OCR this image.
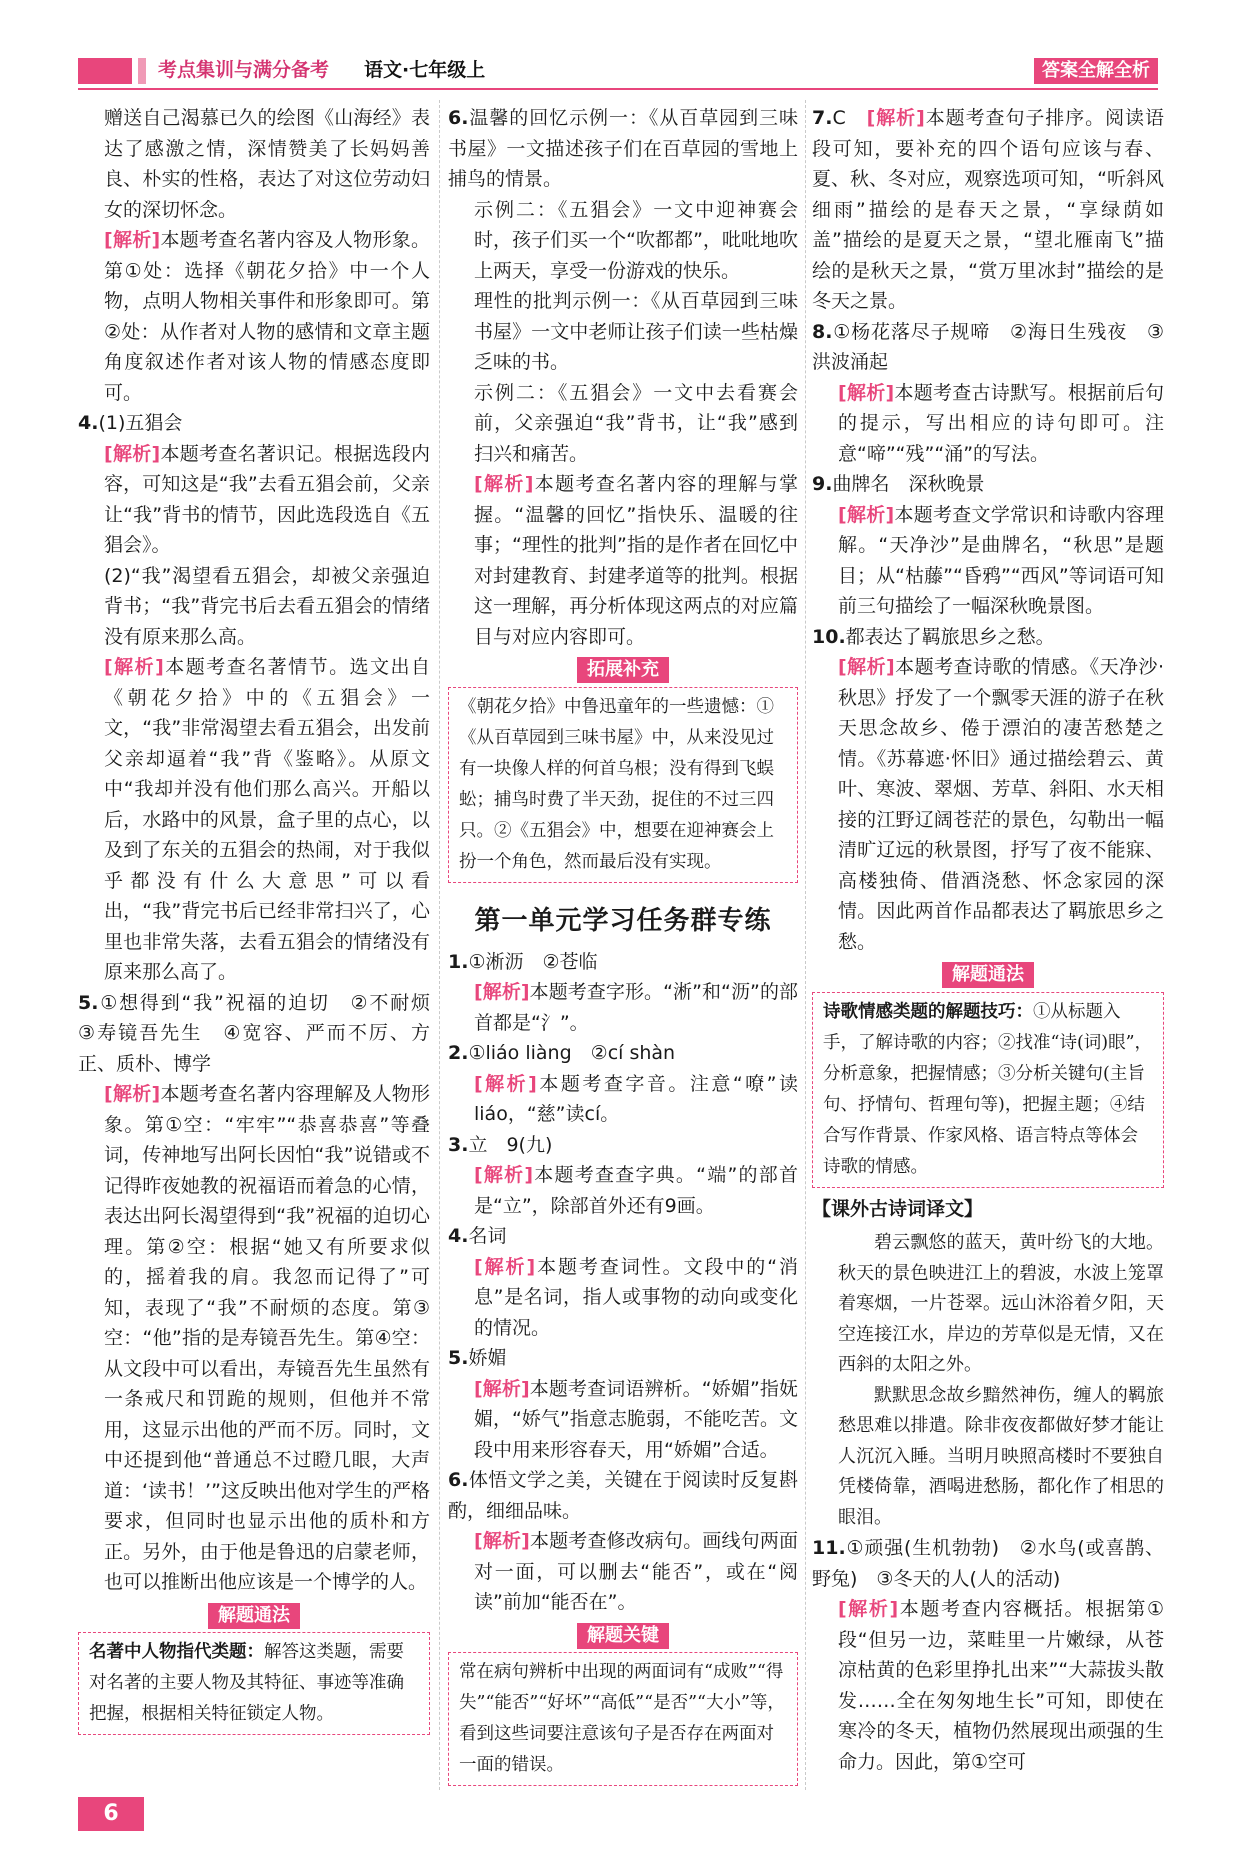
考点集训与满分备考 语文·七年级上	答案全解全析

赠送自己渴慕已久的绘图《山海经》表达了感激之情，深情赞美了长妈妈善良、朴实的性格，表达了对这位劳动妇女的深切怀念。

[解析]本题考查名著内容及人物形象。第①处：选择《朝花夕拾》中一个人物，点明人物相关事件和形象即可。第②处：从作者对人物的感情和文章主题角度叙述作者对该人物的情感态度即可。

4.(1)五猖会

[解析]本题考查名著识记。根据选段内容，可知这是“我”去看五猖会前，父亲让“我”背书的情节，因此选段选自《五猖会》。

(2)“我”渴望看五猖会，却被父亲强迫背书；“我”背完书后去看五猖会的情绪没有原来那么高。

[解析]本题考查名著情节。选文出自《朝花夕拾》中的《五猖会》一文，“我”非常渴望去看五猖会，出发前父亲却逼着“我”背《鉴略》。从原文中“我却并没有他们那么高兴。开船以后，水路中的风景，盒子里的点心，以及到了东关的五猖会的热闹，对于我似乎都没有什么大意思”可以看出，“我”背完书后已经非常扫兴了，心里也非常失落，去看五猖会的情绪没有原来那么高了。

5.①想得到“我”祝福的迫切　②不耐烦　③寿镜吾先生　④宽容、严而不厉、方正、质朴、博学

[解析]本题考查名著内容理解及人物形象。第①空：“牢牢”“恭喜恭喜”等叠词，传神地写出阿长因怕“我”说错或不记得昨夜她教的祝福语而着急的心情，表达出阿长渴望得到“我”祝福的迫切心理。第②空：根据“她又有所要求似的，摇着我的肩。我忽而记得了”可知，表现了“我”不耐烦的态度。第③空：“他”指的是寿镜吾先生。第④空：从文段中可以看出，寿镜吾先生虽然有一条戒尺和罚跪的规则，但他并不常用，这显示出他的严而不厉。同时，文中还提到他“普通总不过瞪几眼，大声道：‘读书！’”这反映出他对学生的严格要求，但同时也显示出他的质朴和方正。另外，由于他是鲁迅的启蒙老师，也可以推断出他应该是一个博学的人。

解题通法
名著中人物指代类题：解答这类题，需要对名著的主要人物及其特征、事迹等准确把握，根据相关特征锁定人物。

6.温馨的回忆示例一：《从百草园到三味书屋》一文描述孩子们在百草园的雪地上捕鸟的情景。

示例二：《五猖会》一文中迎神赛会时，孩子们买一个“吹都都”，吡吡地吹上两天，享受一份游戏的快乐。

理性的批判示例一：《从百草园到三味书屋》一文中老师让孩子们读一些枯燥乏味的书。

示例二：《五猖会》一文中去看赛会前，父亲强迫“我”背书，让“我”感到扫兴和痛苦。

[解析]本题考查名著内容的理解与掌握。“温馨的回忆”指快乐、温暖的往事；“理性的批判”指的是作者在回忆中对封建教育、封建孝道等的批判。根据这一理解，再分析体现这两点的对应篇目与对应内容即可。

拓展补充
《朝花夕拾》中鲁迅童年的一些遗憾：①《从百草园到三味书屋》中，从来没见过有一块像人样的何首乌根；没有得到飞蜈蚣；捕鸟时费了半天劲，捉住的不过三四只。②《五猖会》中，想要在迎神赛会上扮一个角色，然而最后没有实现。
第一单元学习任务群专练

1.①淅沥　②苍临

[解析]本题考查字形。“淅”和“沥”的部首都是“氵”。

2.①liáo liàng　②cí shàn

[解析]本题考查字音。注意“嘹”读liáo，“慈”读cí。

3.立　9(九)

[解析]本题考查查字典。“端”的部首是“立”，除部首外还有9画。

4.名词

[解析]本题考查词性。文段中的“消息”是名词，指人或事物的动向或变化的情况。

5.娇媚

[解析]本题考查词语辨析。“娇媚”指妩媚，“娇气”指意志脆弱，不能吃苦。文段中用来形容春天，用“娇媚”合适。

6.体悟文学之美，关键在于阅读时反复斟酌，细细品味。

[解析]本题考查修改病句。画线句两面对一面，可以删去“能否”，或在“阅读”前加“能否在”。

解题关键
常在病句辨析中出现的两面词有“成败”“得失”“能否”“好坏”“高低”“是否”“大小”等，看到这些词要注意该句子是否存在两面对一面的错误。

7.C　 [解析]本题考查句子排序。阅读语段可知，要补充的四个语句应该与春、夏、秋、冬对应，观察选项可知，“听斜风细雨”描绘的是春天之景，“享绿荫如盖”描绘的是夏天之景，“望北雁南飞”描绘的是秋天之景，“赏万里冰封”描绘的是冬天之景。

8.①杨花落尽子规啼　②海日生残夜　③洪波涌起

[解析]本题考查古诗默写。根据前后句的提示，写出相应的诗句即可。注意“啼”“残”“涌”的写法。

9.曲牌名　深秋晚景

[解析]本题考查文学常识和诗歌内容理解。“天净沙”是曲牌名，“秋思”是题目；从“枯藤”“昏鸦”“西风”等词语可知前三句描绘了一幅深秋晚景图。

10.都表达了羁旅思乡之愁。

[解析]本题考查诗歌的情感。《天净沙·秋思》抒发了一个飘零天涯的游子在秋天思念故乡、倦于漂泊的凄苦愁楚之情。《苏幕遮·怀旧》通过描绘碧云、黄叶、寒波、翠烟、芳草、斜阳、水天相接的江野辽阔苍茫的景色，勾勒出一幅清旷辽远的秋景图，抒写了夜不能寐、高楼独倚、借酒浇愁、怀念家园的深情。因此两首作品都表达了羁旅思乡之愁。

解题通法
诗歌情感类题的解题技巧：①从标题入手，了解诗歌的内容；②找准“诗(词)眼”，分析意象，把握情感；③分析关键句(主旨句、抒情句、哲理句等)，把握主题；④结合写作背景、作家风格、语言特点等体会诗歌的情感。

【课外古诗词译文】

碧云飘悠的蓝天，黄叶纷飞的大地。秋天的景色映进江上的碧波，水波上笼罩着寒烟，一片苍翠。远山沐浴着夕阳，天空连接江水，岸边的芳草似是无情，又在西斜的太阳之外。

默默思念故乡黯然神伤，缠人的羁旅愁思难以排遣。除非夜夜都做好梦才能让人沉沉入睡。当明月映照高楼时不要独自凭楼倚靠，酒喝进愁肠，都化作了相思的眼泪。

11.①顽强(生机勃勃)　②水鸟(或喜鹊、野兔)　③冬天的人(人的活动)

[解析]本题考查内容概括。根据第①段“但另一边，菜畦里一片嫩绿，从苍凉枯黄的色彩里挣扎出来”“大蒜拔头散发……全在匆匆地生长”可知，即使在寒冷的冬天，植物仍然展现出顽强的生命力。因此，第①空可

6
